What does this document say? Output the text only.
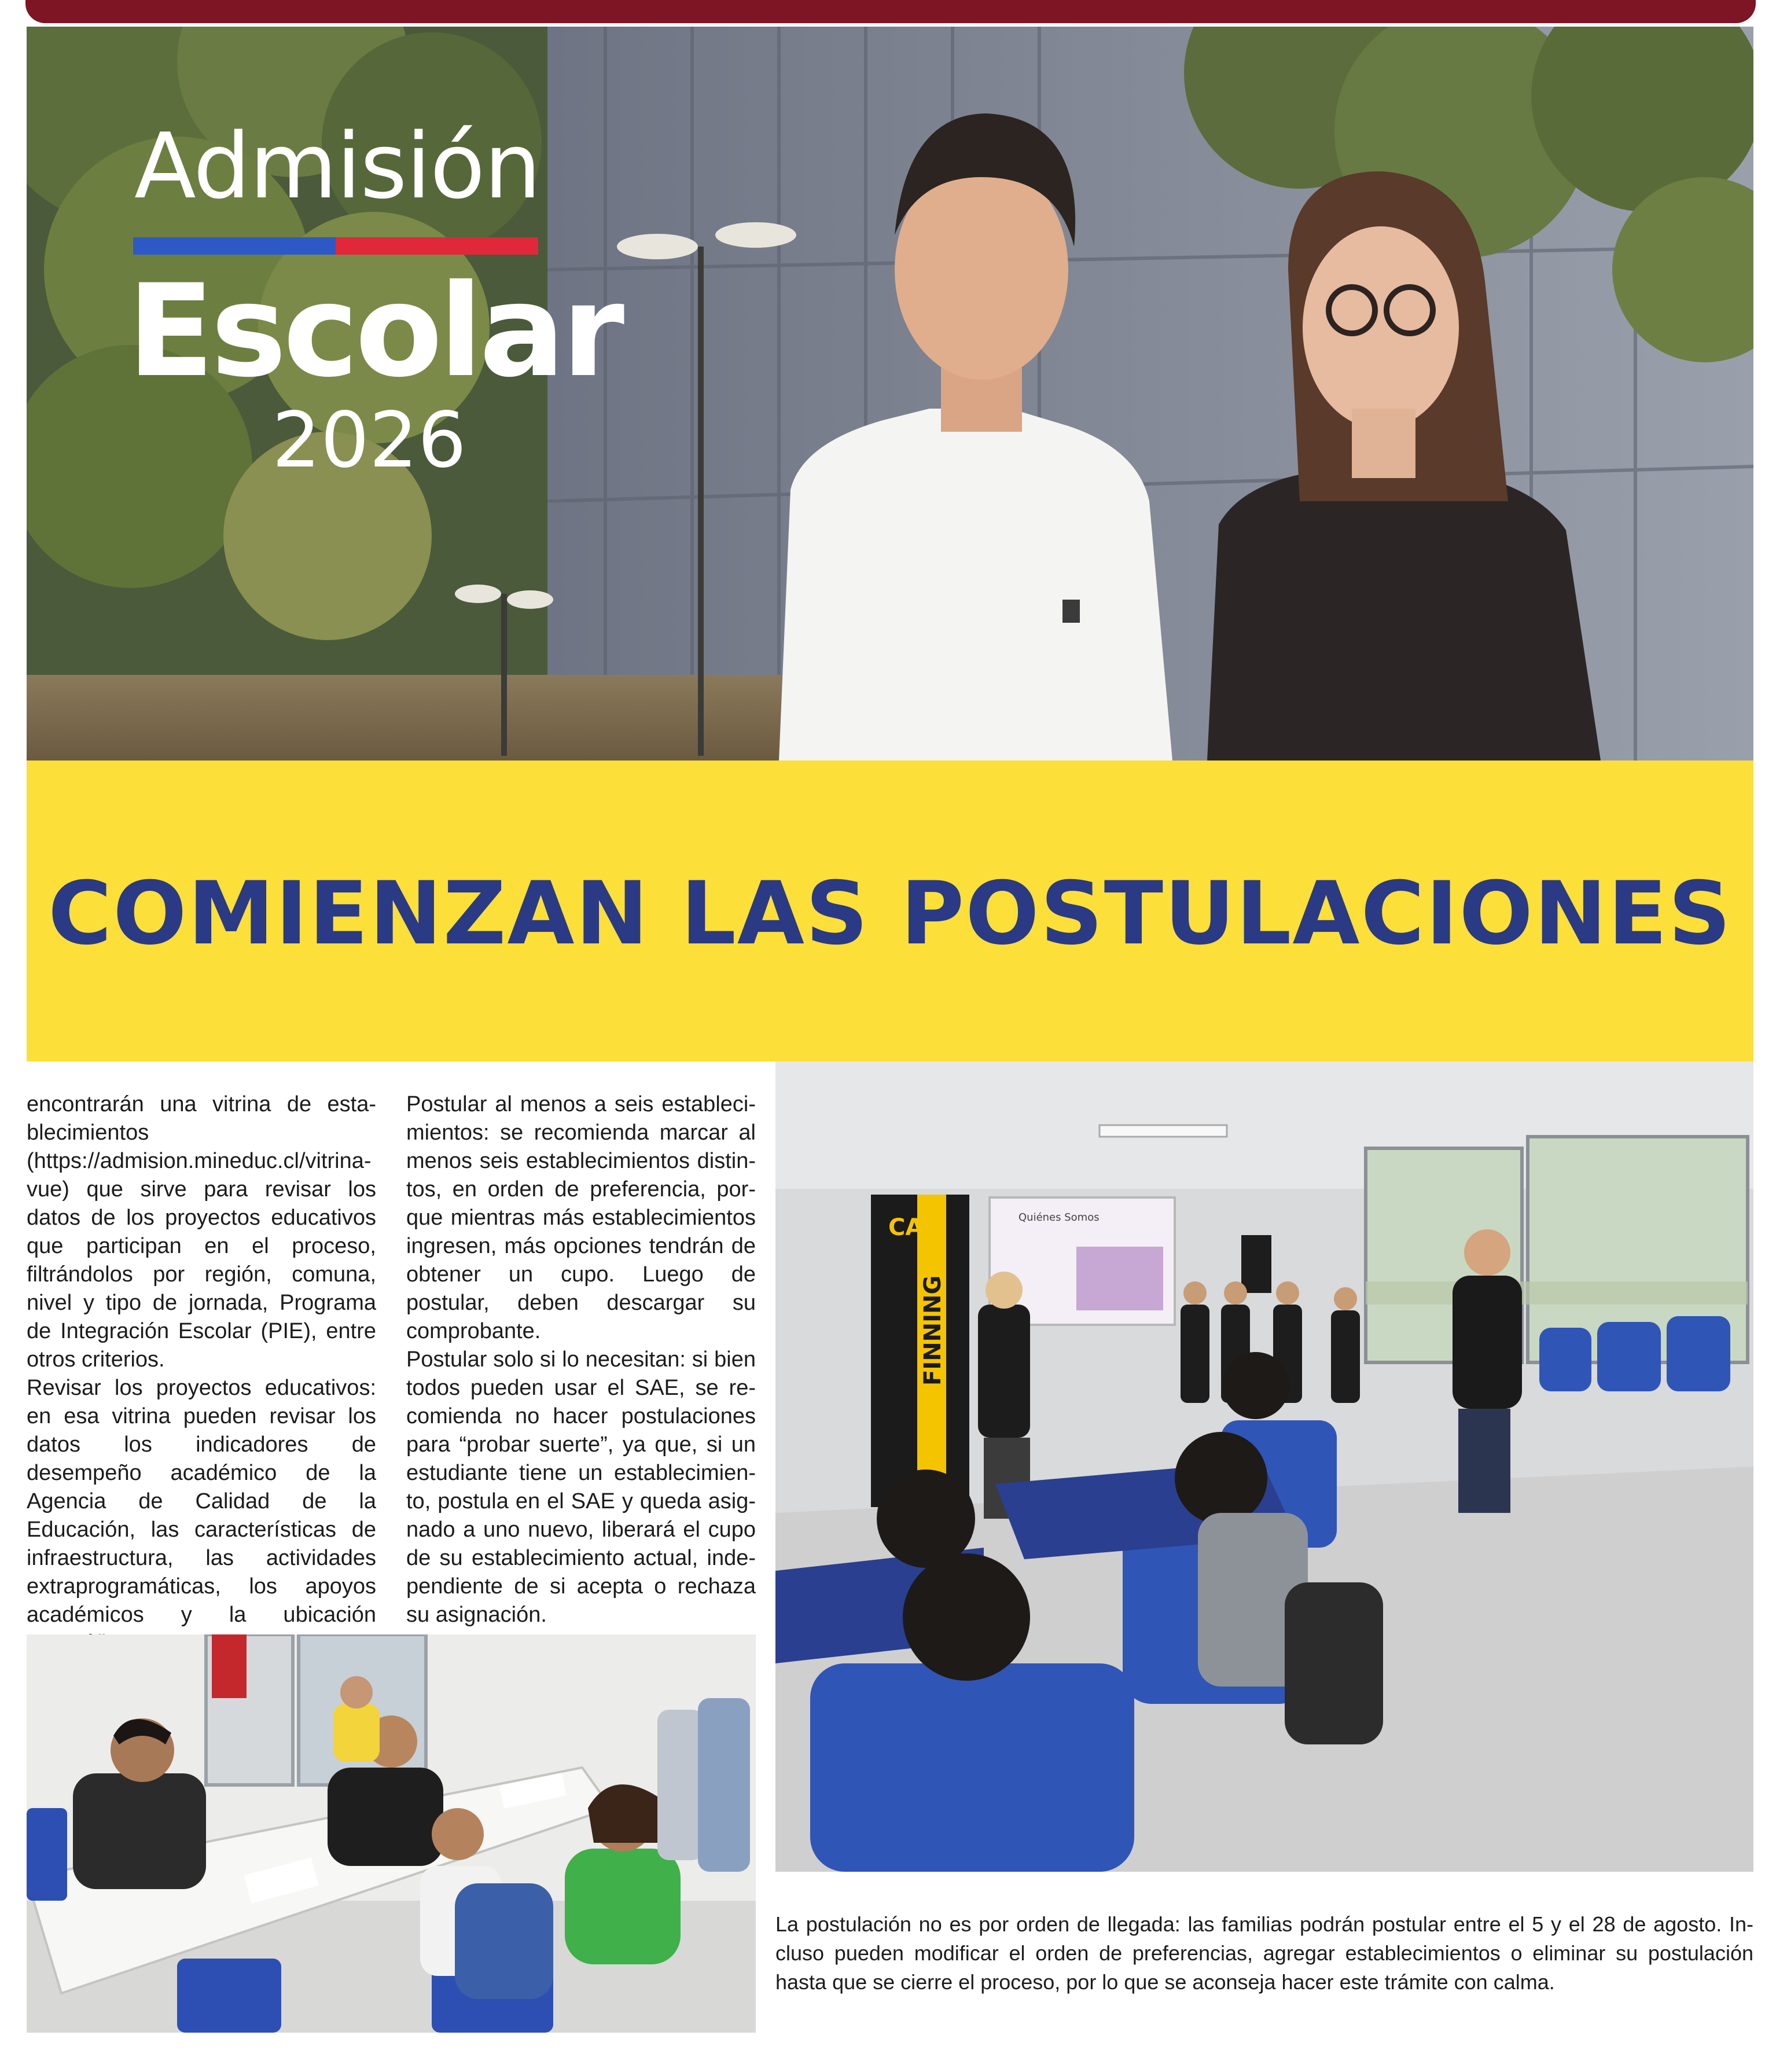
Admisión
Escolar
2026
COMIENZAN LAS POSTULACIONES

encontrarán una vitrina de establecimientos (https://admision.mineduc.cl/vitrina-vue) que sirve para revisar los datos de los proyectos educativos que participan en el proceso, filtrándolos por región, comuna, nivel y tipo de jornada, Programa de Integración Escolar (PIE), entre otros criterios.

Revisar los proyectos educativos: en esa vitrina pueden revisar los datos los indicadores de desempeño académico de la Agencia de Calidad de la Educación, las características de infraestructura, las actividades extraprogramáticas, los apoyos académicos y la ubicación

Postular al menos a seis establecimientos: se recomienda marcar al menos seis establecimientos distintos, en orden de preferencia, porque mientras más establecimientos ingresen, más opciones tendrán de obtener un cupo. Luego de postular, deben descargar su comprobante.

Postular solo si lo necesitan: si bien todos pueden usar el SAE, se recomienda no hacer postulaciones para “probar suerte”, ya que, si un estudiante tiene un establecimiento, postula en el SAE y queda asignado a uno nuevo, liberará el cupo de su establecimiento actual, independiente de si acepta o rechaza su asignación.

Quiénes Somos
CAT
FINNING
La postulación no es por orden de llegada: las familias podrán postular entre el 5 y el 28 de agosto. Incluso pueden modificar el orden de preferencias, agregar establecimientos o eliminar su postulación hasta que se cierre el proceso, por lo que se aconseja hacer este trámite con calma.
